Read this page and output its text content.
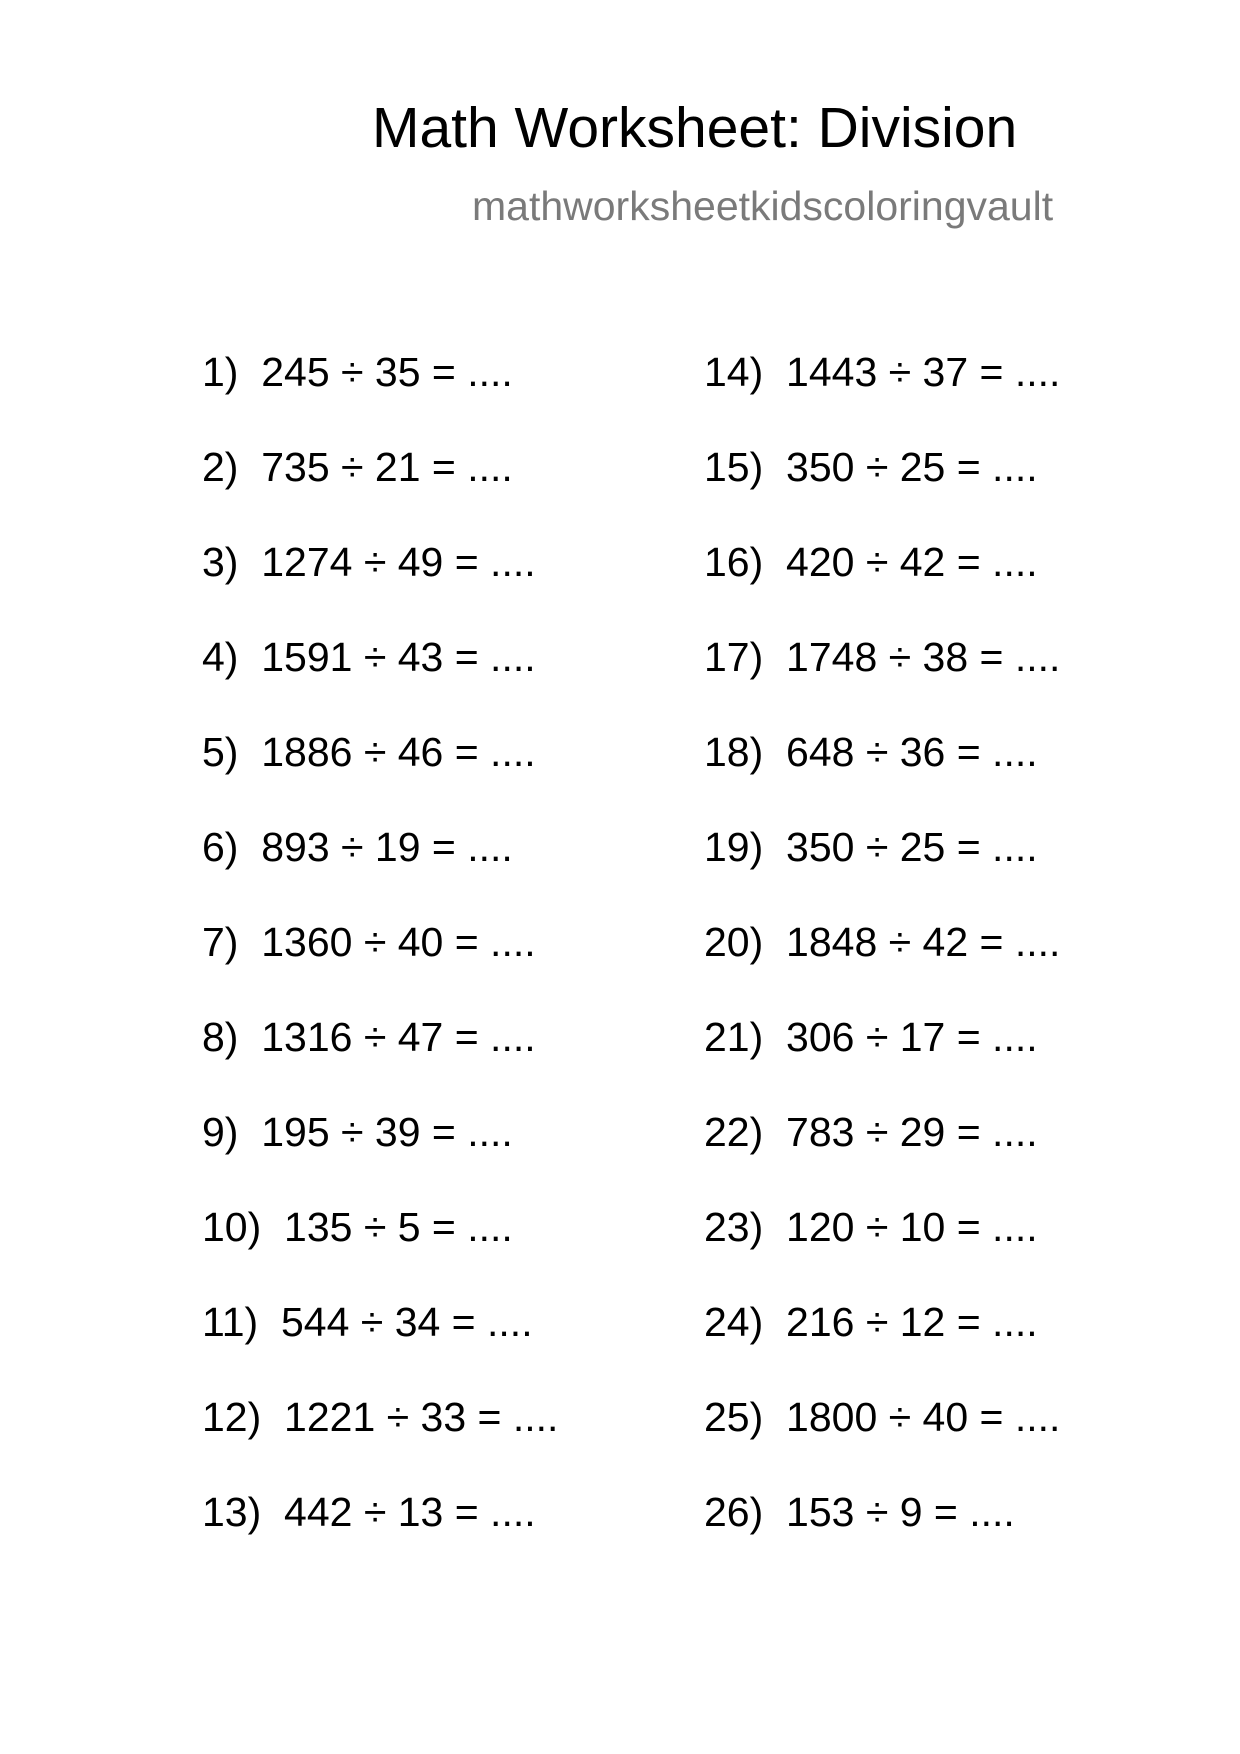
Math Worksheet: Division
mathworksheetkidscoloringvault
1)  245 ÷ 35 = ....
2)  735 ÷ 21 = ....
3)  1274 ÷ 49 = ....
4)  1591 ÷ 43 = ....
5)  1886 ÷ 46 = ....
6)  893 ÷ 19 = ....
7)  1360 ÷ 40 = ....
8)  1316 ÷ 47 = ....
9)  195 ÷ 39 = ....
10)  135 ÷ 5 = ....
11)  544 ÷ 34 = ....
12)  1221 ÷ 33 = ....
13)  442 ÷ 13 = ....
14)  1443 ÷ 37 = ....
15)  350 ÷ 25 = ....
16)  420 ÷ 42 = ....
17)  1748 ÷ 38 = ....
18)  648 ÷ 36 = ....
19)  350 ÷ 25 = ....
20)  1848 ÷ 42 = ....
21)  306 ÷ 17 = ....
22)  783 ÷ 29 = ....
23)  120 ÷ 10 = ....
24)  216 ÷ 12 = ....
25)  1800 ÷ 40 = ....
26)  153 ÷ 9 = ....
